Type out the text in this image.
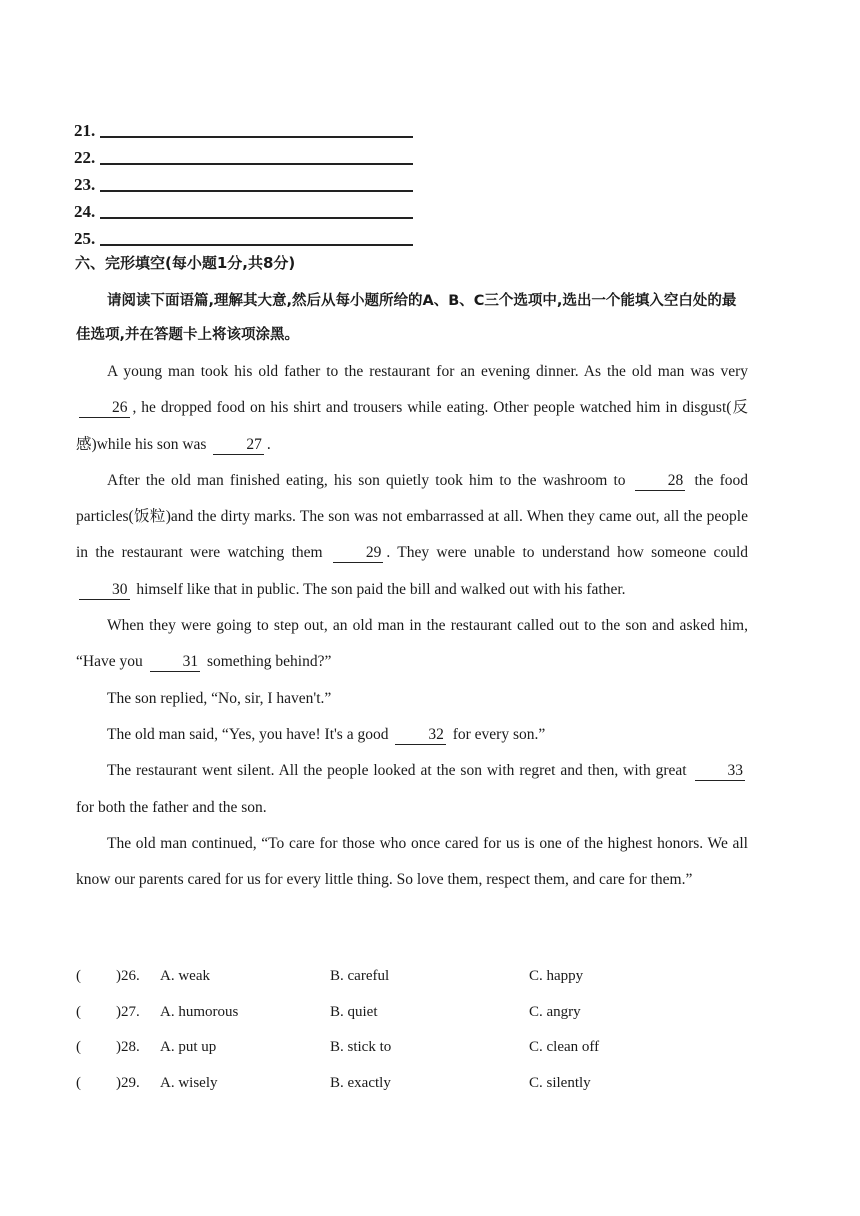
21.
22.
23.
24.
25.
六、完形填空(每小题1分,共8分)
请阅读下面语篇,理解其大意,然后从每小题所给的A、B、C三个选项中,选出一个能填入空白处的最佳选项,并在答题卡上将该项涂黑。

A young man took his old father to the restaurant for an evening dinner. As the old man was very 26 , he dropped food on his shirt and trousers while eating. Other people watched him in disgust(反感)while his son was	27 .

After the old man finished eating, his son quietly took him to the washroom to	28 the food particles(饭粒)and the dirty marks. The son was not embarrassed at all. When they came out, all the people in the restaurant were watching them	29 . They were unable to understand how someone could 30 himself like that in public. The son paid the bill and walked out with his father.

When they were going to step out, an old man in the restaurant called out to the son and asked him, “Have you	31 something behind?”

The son replied, “No, sir, I haven't.”

The old man said, “Yes, you have! It's a good	32 for every son.”

The restaurant went silent. All the people looked at the son with regret and then, with great	33 for both the father and the son.

The old man continued, “To care for those who once cared for us is one of the highest honors. We all know our parents cared for us for every little thing. So love them, respect them, and care for them.”

( )26. A. weak	B. careful	C. happy
( )27. A. humorous	B. quiet	C. angry
( )28. A. put up	B. stick to	C. clean off
( )29. A. wisely	B. exactly	C. silently
